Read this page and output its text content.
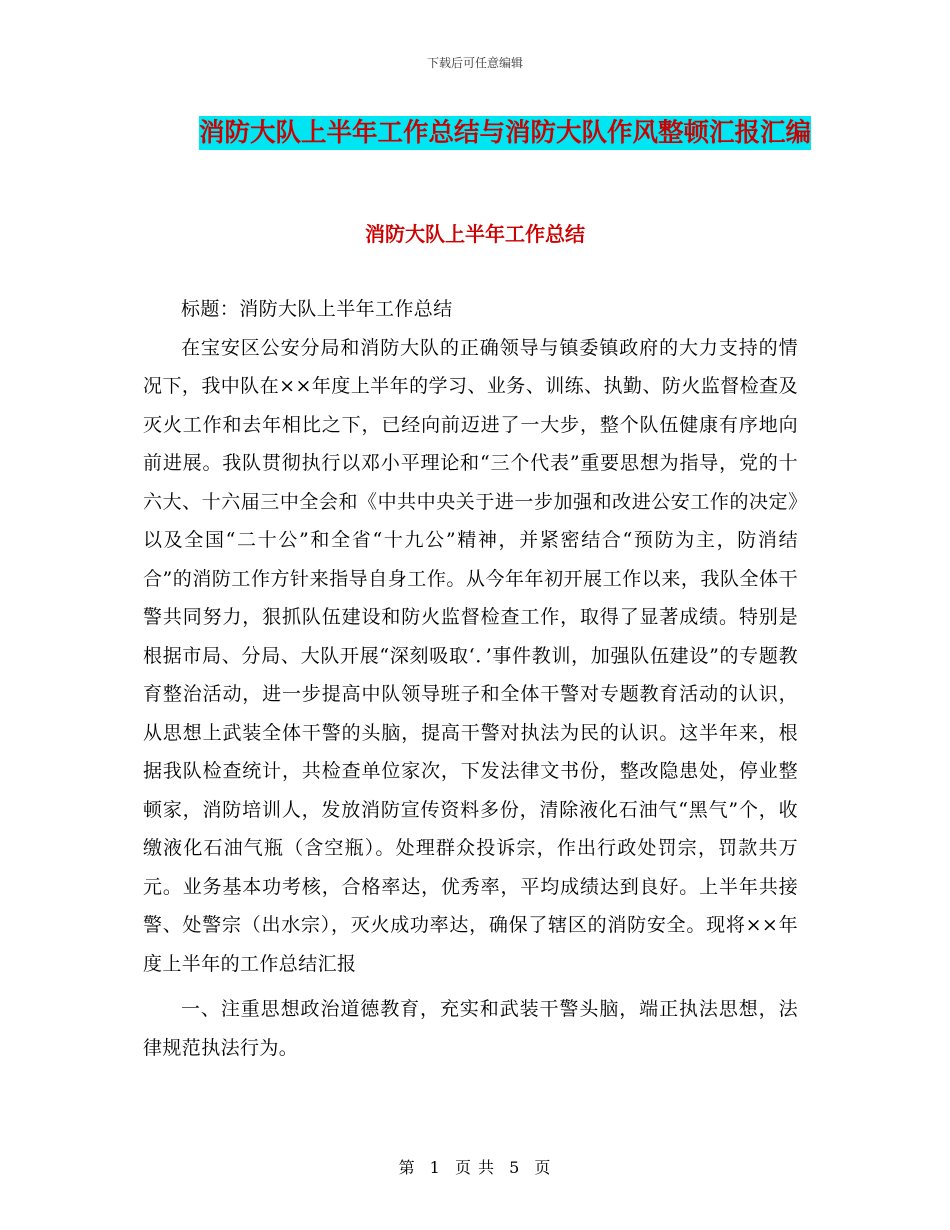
下载后可任意编辑
消防大队上半年工作总结与消防大队作风整顿汇报汇编
消防大队上半年工作总结

标题：消防大队上半年工作总结

在宝安区公安分局和消防大队的正确领导与镇委镇政府的大力支持的情况下，我中队在××年度上半年的学习、业务、训练、执勤、防火监督检查及灭火工作和去年相比之下，已经向前迈进了一大步，整个队伍健康有序地向前进展。我队贯彻执行以邓小平理论和“三个代表”重要思想为指导，党的十六大、十六届三中全会和《中共中央关于进一步加强和改进公安工作的决定》以及全国“二十公”和全省“十九公”精神，并紧密结合“预防为主，防消结合”的消防工作方针来指导自身工作。从今年年初开展工作以来，我队全体干警共同努力，狠抓队伍建设和防火监督检查工作，取得了显著成绩。特别是根据市局、分局、大队开展“深刻吸取‘．’事件教训，加强队伍建设”的专题教育整治活动，进一步提高中队领导班子和全体干警对专题教育活动的认识，从思想上武装全体干警的头脑，提高干警对执法为民的认识。这半年来，根据我队检查统计，共检查单位家次，下发法律文书份，整改隐患处，停业整顿家，消防培训人，发放消防宣传资料多份，清除液化石油气“黑气”个，收缴液化石油气瓶（含空瓶）。处理群众投诉宗，作出行政处罚宗，罚款共万元。业务基本功考核，合格率达，优秀率，平均成绩达到良好。上半年共接警、处警宗（出水宗），灭火成功率达，确保了辖区的消防安全。现将××年度上半年的工作总结汇报

一、注重思想政治道德教育，充实和武装干警头脑，端正执法思想，法律规范执法行为。

第 1 页 共 5 页
